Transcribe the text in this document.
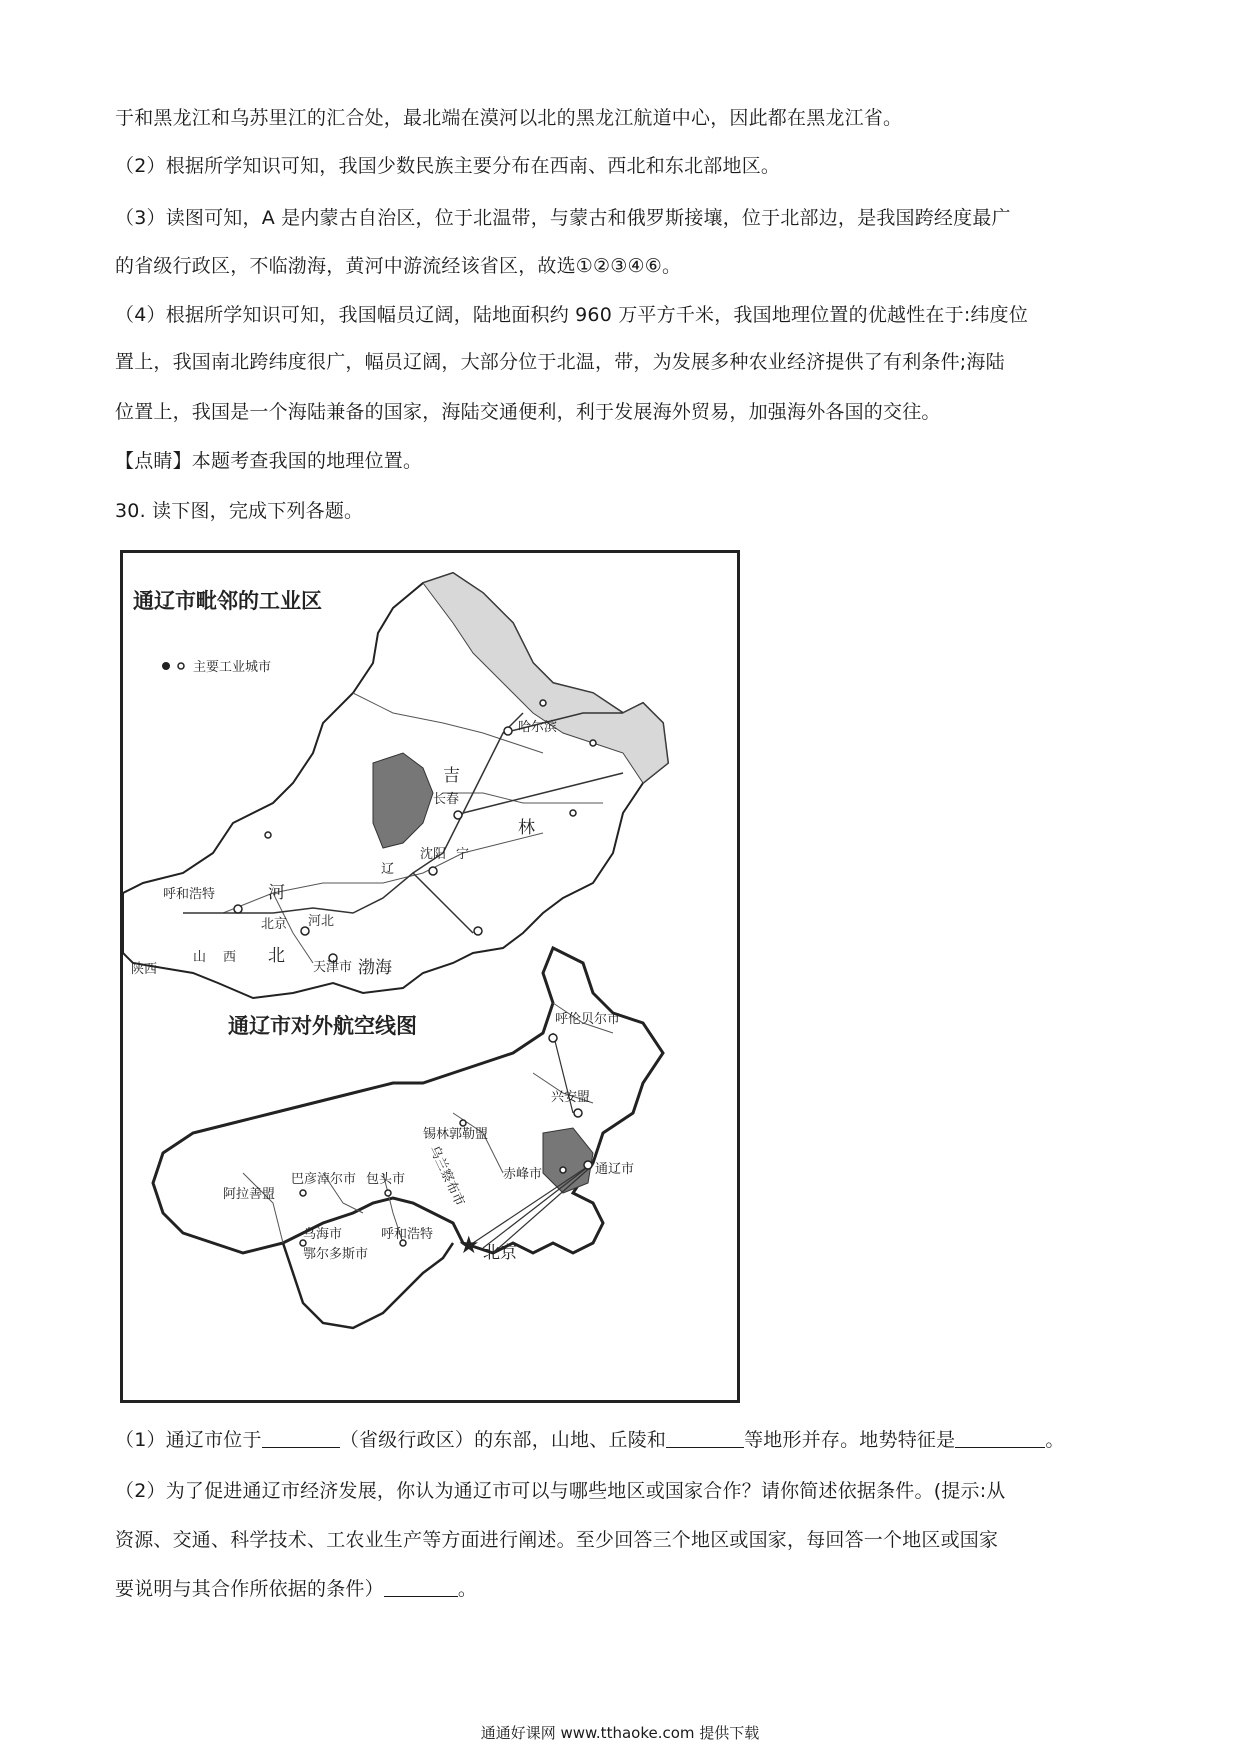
于和黑龙江和乌苏里江的汇合处，最北端在漠河以北的黑龙江航道中心，因此都在黑龙江省。
（2）根据所学知识可知，我国少数民族主要分布在西南、西北和东北部地区。
（3）读图可知，A 是内蒙古自治区，位于北温带，与蒙古和俄罗斯接壤，位于北部边，是我国跨经度最广
的省级行政区，不临渤海，黄河中游流经该省区，故选①②③④⑥。
（4）根据所学知识可知，我国幅员辽阔，陆地面积约 960 万平方千米，我国地理位置的优越性在于:纬度位
置上，我国南北跨纬度很广，幅员辽阔，大部分位于北温，带，为发展多种农业经济提供了有利条件;海陆
位置上，我国是一个海陆兼备的国家，海陆交通便利，利于发展海外贸易，加强海外各国的交往。
【点睛】本题考查我国的地理位置。
30. 读下图，完成下列各题。
通辽市毗邻的工业区
主要工业城市
哈尔滨
吉
长春
林
沈阳 宁
辽
呼和浩特	河
北京 河北
北
陕西
山 西
天津市 渤海
★
通辽市对外航空线图	呼伦贝尔市
兴安盟
锡林郭勒盟
通辽市
赤峰市
阿拉善盟
巴彦淖尔市 包头市 乌兰察布市
乌海市	呼和浩特
鄂尔多斯市	北京
（1）通辽市位于	（省级行政区）的东部，山地、丘陵和	等地形并存。地势特征是	。
（2）为了促进通辽市经济发展，你认为通辽市可以与哪些地区或国家合作？请你简述依据条件。(提示:从
资源、交通、科学技术、工农业生产等方面进行阐述。至少回答三个地区或国家，每回答一个地区或国家
要说明与其合作所依据的条件）	。
通通好课网 www.tthaoke.com 提供下载
